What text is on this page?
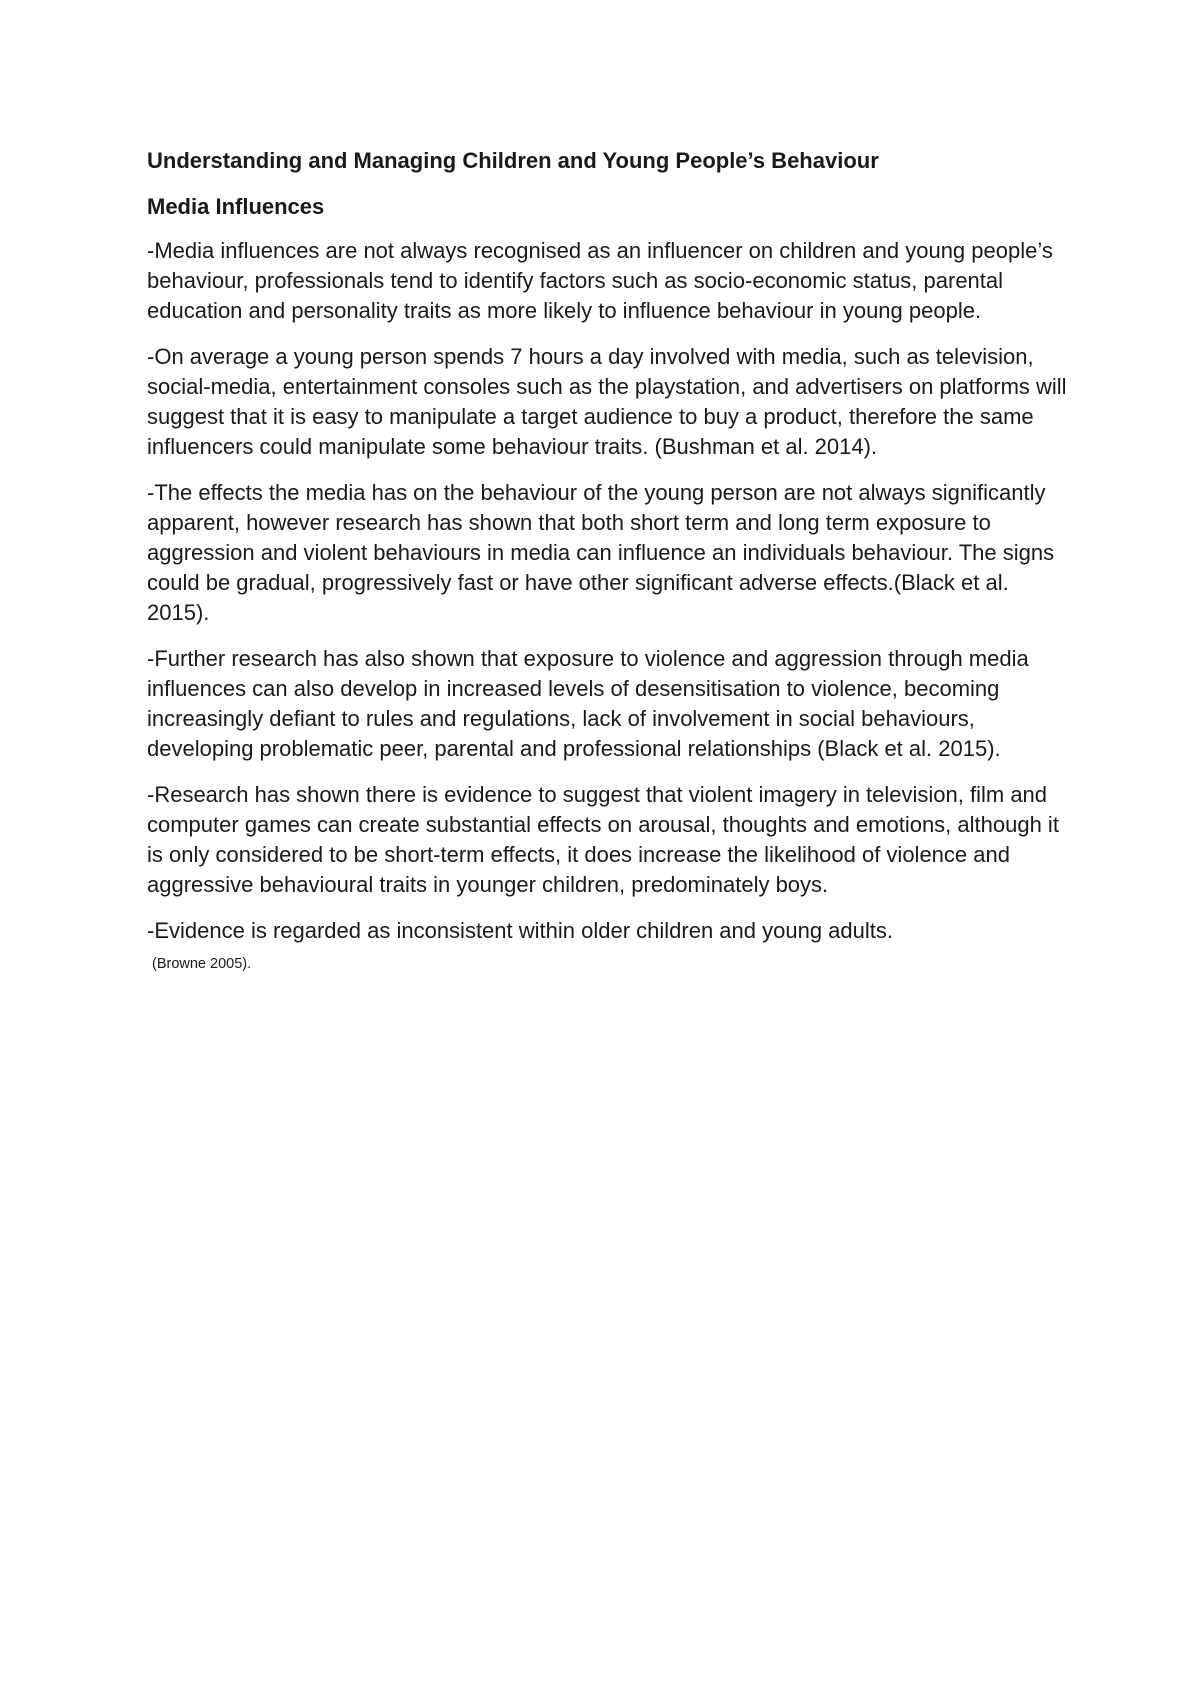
Understanding and Managing Children and Young People’s Behaviour
Media Influences

-Media influences are not always recognised as an influencer on children and young people’s behaviour, professionals tend to identify factors such as socio-economic status, parental education and personality traits as more likely to influence behaviour in young people.

-On average a young person spends 7 hours a day involved with media, such as television, social-media, entertainment consoles such as the playstation, and advertisers on platforms will suggest that it is easy to manipulate a target audience to buy a product, therefore the same influencers could manipulate some behaviour traits. (Bushman et al. 2014).

-The effects the media has on the behaviour of the young person are not always significantly apparent, however research has shown that both short term and long term exposure to aggression and violent behaviours in media can influence an individuals behaviour. The signs could be gradual, progressively fast or have other significant adverse effects.(Black et al. 2015).

-Further research has also shown that exposure to violence and aggression through media influences can also develop in increased levels of desensitisation to violence, becoming increasingly defiant to rules and regulations, lack of involvement in social behaviours, developing problematic peer, parental and professional relationships (Black et al. 2015).

-Research has shown there is evidence to suggest that violent imagery in television, film and computer games can create substantial effects on arousal, thoughts and emotions, although it is only considered to be short-term effects, it does increase the likelihood of violence and aggressive behavioural traits in younger children, predominately boys.

-Evidence is regarded as inconsistent within older children and young adults.

(Browne 2005).
